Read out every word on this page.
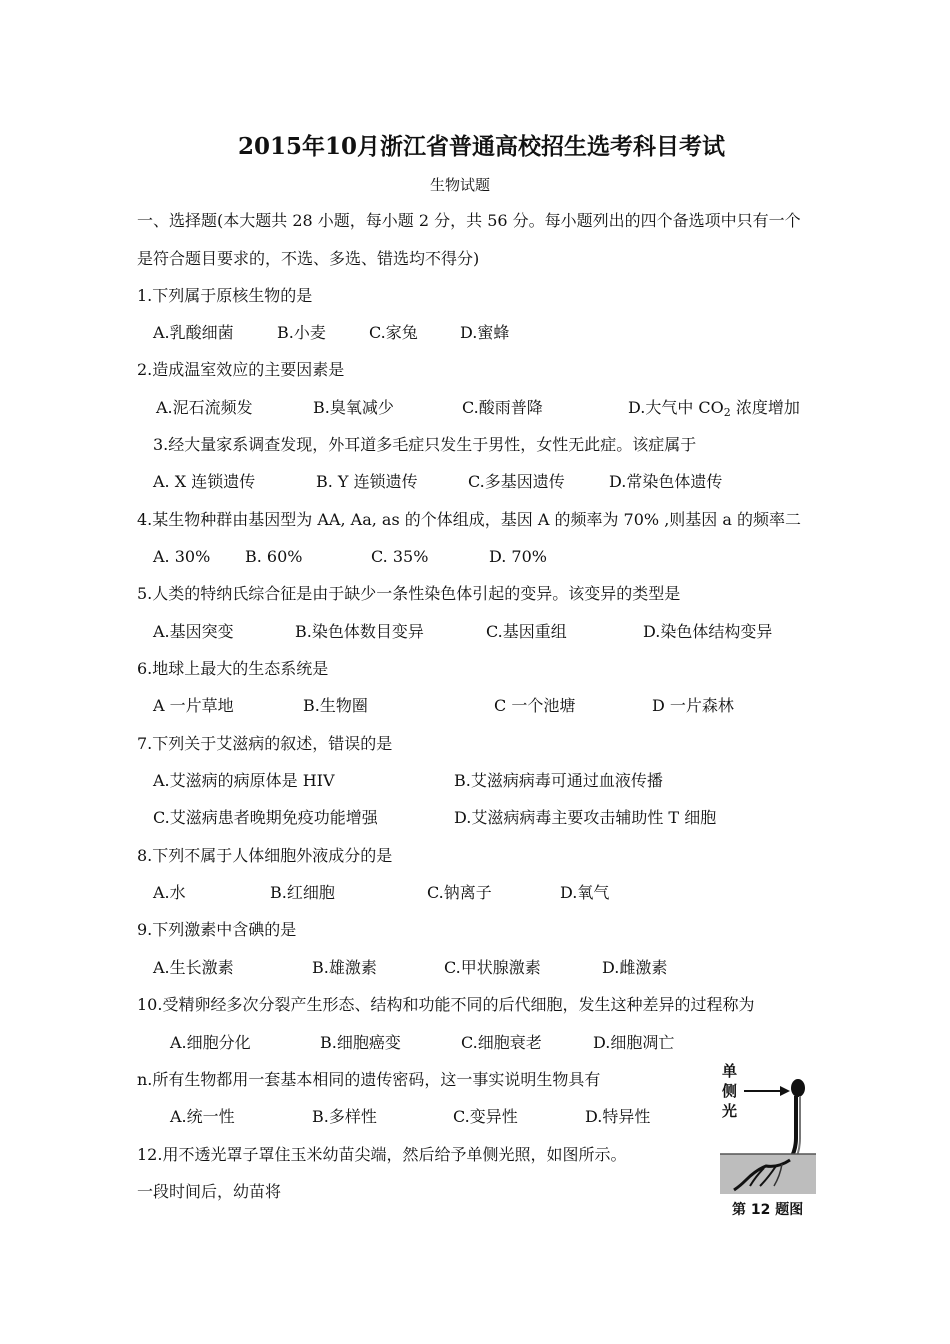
2015年10月浙江省普通高校招生选考科目考试
生物试题
一、选择题(本大题共 28 小题，每小题 2 分，共 56 分。每小题列出的四个备选项中只有一个
是符合题目要求的，不选、多选、错选均不得分)
1.下列属于原核生物的是
A.乳酸细菌	B.小麦	C.家兔	D.蜜蜂
2.造成温室效应的主要因素是
A.泥石流频发	B.臭氧减少	C.酸雨普降	D.大气中 $CO_2$ 浓度增加
3.经大量家系调查发现，外耳道多毛症只发生于男性，女性无此症。该症属于
A. X 连锁遗传	B. Y 连锁遗传	C.多基因遗传	D.常染色体遗传
4.某生物种群由基因型为 AA, Aa, as 的个体组成，基因 A 的频率为 70% ,则基因 a 的频率二
A. 30% B. 60%	C. 35%	D. 70%
5.人类的特纳氏综合征是由于缺少一条性染色体引起的变异。该变异的类型是
A.基因突变	B.染色体数目变异	C.基因重组	D.染色体结构变异
6.地球上最大的生态系统是
A 一片草地	B.生物圈	C 一个池塘	D 一片森林
7.下列关于艾滋病的叙述，错误的是
A.艾滋病的病原体是 HIV	B.艾滋病病毒可通过血液传播
C.艾滋病患者晚期免疫功能增强	D.艾滋病病毒主要攻击辅助性 T 细胞
8.下列不属于人体细胞外液成分的是
A.水	B.红细胞	C.钠离子	D.氧气
9.下列激素中含碘的是
A.生长激素	B.雄激素	C.甲状腺激素	D.雌激素
10.受精卵经多次分裂产生形态、结构和功能不同的后代细胞，发生这种差异的过程称为
A.细胞分化	B.细胞癌变	C.细胞衰老	D.细胞凋亡
n.所有生物都用一套基本相同的遗传密码，这一事实说明生物具有
A.统一性	B.多样性	C.变异性	D.特异性
12.用不透光罩子罩住玉米幼苗尖端，然后给予单侧光照，如图所示。
一段时间后，幼苗将
单
侧
光
第 12 题图
